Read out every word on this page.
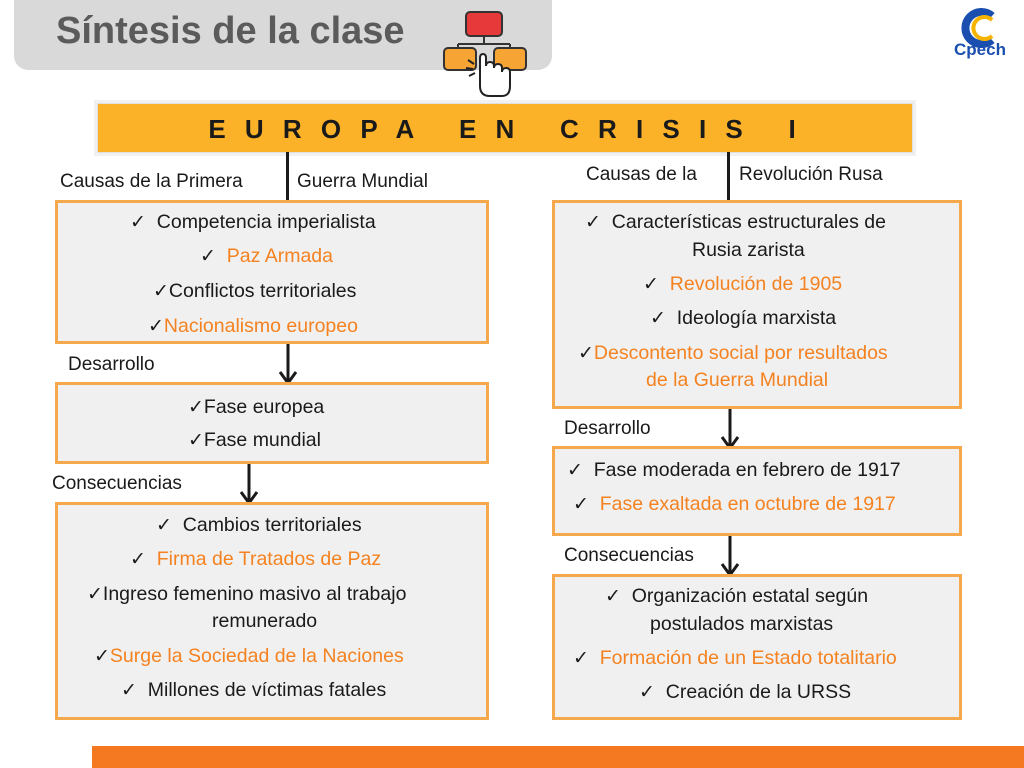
Síntesis de la clase	Cpech
E U R O P A   E N   C R I S I S   I
Causas de la Primera	Guerra Mundial
✓ Competencia imperialista
✓ Paz Armada
✓Conflictos territoriales
✓Nacionalismo europeo
Desarrollo
✓Fase europea
✓Fase mundial
Consecuencias
✓ Cambios territoriales
✓ Firma de Tratados de Paz
✓Ingreso femenino masivo al trabajo
remunerado
✓Surge la Sociedad de la Naciones
✓ Millones de víctimas fatales
Causas de la Revolución Rusa
✓ Características estructurales de
Rusia zarista
✓ Revolución de 1905
✓ Ideología marxista
✓Descontento social por resultados
de la Guerra Mundial
Desarrollo
✓ Fase moderada en febrero de 1917
✓ Fase exaltada en octubre de 1917
Consecuencias
✓ Organización estatal según
postulados marxistas
✓ Formación de un Estado totalitario
✓ Creación de la URSS
